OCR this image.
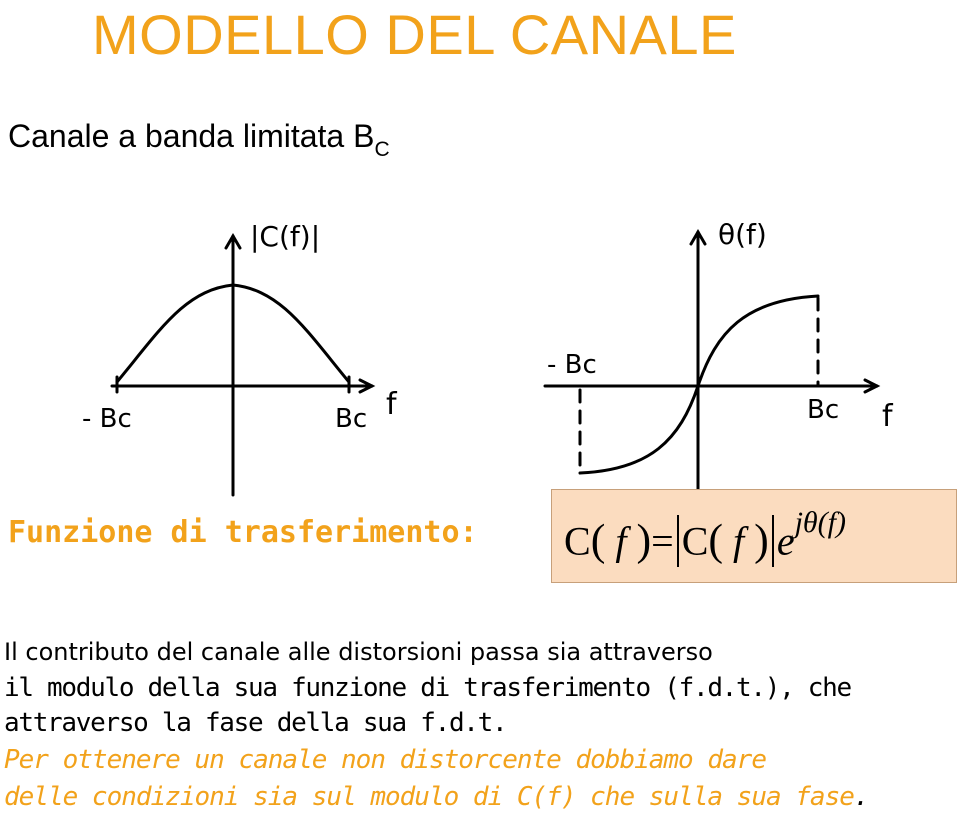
MODELLO DEL CANALE
Canale a banda limitata $B_C$
|C(f)|
f
- Bc	Bc
θ(f)
f
- Bc
Bc
Funzione di trasferimento: C( f )= C( f ) $e^{j\theta(f)}$
Il contributo del canale alle distorsioni passa sia attraverso
il modulo della sua funzione di trasferimento (f.d.t.), che
attraverso la fase della sua f.d.t.
Per ottenere un canale non distorcente dobbiamo dare
delle condizioni sia sul modulo di C(f) che sulla sua fase.
